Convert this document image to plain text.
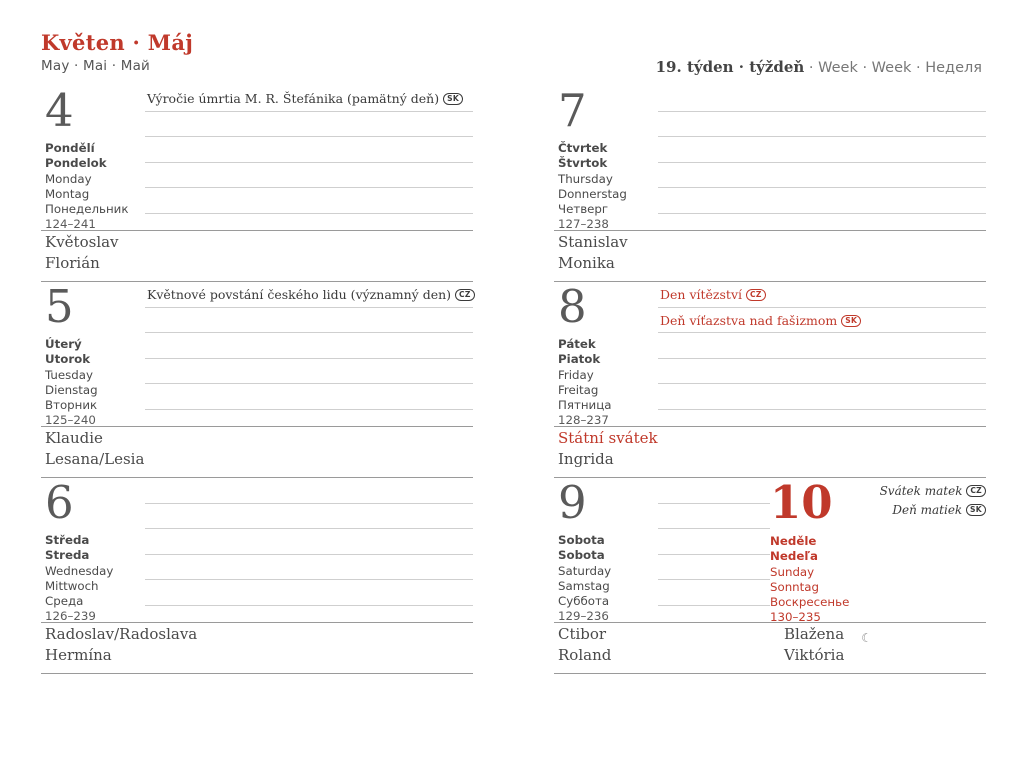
Květen · Máj
May · Mai · Май	19. týden · týždeň · Week · Week · Неделя
4
Pondělí
Pondelok
Monday
Montag
Понедельник
124–241
Výročie úmrtia M. R. Štefánika (pamätný deň) SK
Květoslav
Florián
5
Úterý
Utorok
Tuesday
Dienstag
Вторник
125–240
Květnové povstání českého lidu (významný den) CZ
Klaudie
Lesana/Lesia
6
Středa
Streda
Wednesday
Mittwoch
Среда
126–239
Radoslav/Radoslava
Hermína
7
Čtvrtek
Štvrtok
Thursday
Donnerstag
Четверг
127–238
Stanislav
Monika
8
Pátek
Piatok
Friday
Freitag
Пятница
128–237
Den vítězství CZ
Deň víťazstva nad fašizmom SK
Státní svátek
Ingrida
9
Sobota
Sobota
Saturday
Samstag
Суббота
129–236
10
Neděle
Nedeľa
Sunday
Sonntag
Воскресенье
130–235
Svátek matek CZ
Deň matiek SK
Ctibor
Roland
Blažena
Viktória
☾
